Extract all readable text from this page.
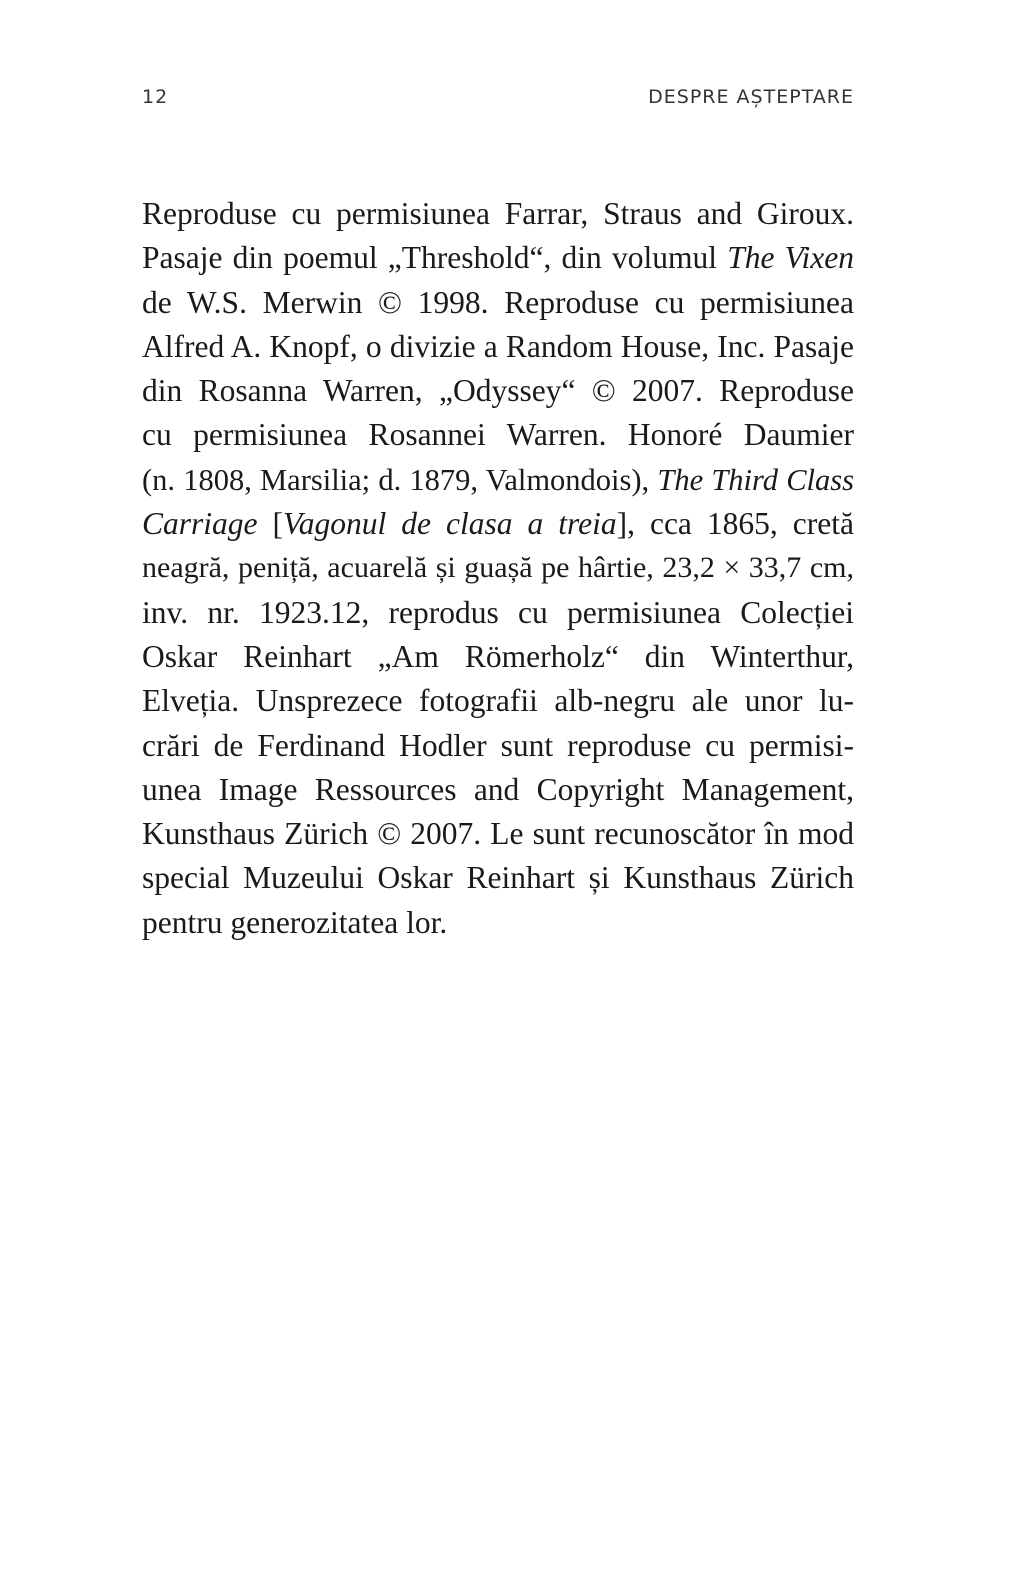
12	DESPRE AȘTEPTARE
Reproduse cu permisiunea Farrar, Straus and Giroux.
Pasaje din poemul „Threshold“, din volumul The Vixen
de W.S. Merwin © 1998. Reproduse cu permisiunea
Alfred A. Knopf, o divizie a Random House, Inc. Pasaje
din Rosanna Warren, „Odyssey“ © 2007. Reproduse
cu permisiunea Rosannei Warren. Honoré Daumier
(n. 1808, Marsilia; d. 1879, Valmondois), The Third Class
Carriage [Vagonul de clasa a treia], cca 1865, cretă
neagră, peniță, acuarelă și guașă pe hârtie, 23,2 × 33,7 cm,
inv. nr. 1923.12, reprodus cu permisiunea Colecției
Oskar Reinhart „Am Römerholz“ din Winterthur,
Elveția. Unsprezece fotografii alb-negru ale unor lu-
crări de Ferdinand Hodler sunt reproduse cu permisi-
unea Image Ressources and Copyright Management,
Kunsthaus Zürich © 2007. Le sunt recunoscător în mod
special Muzeului Oskar Reinhart și Kunsthaus Zürich
pentru generozitatea lor.
